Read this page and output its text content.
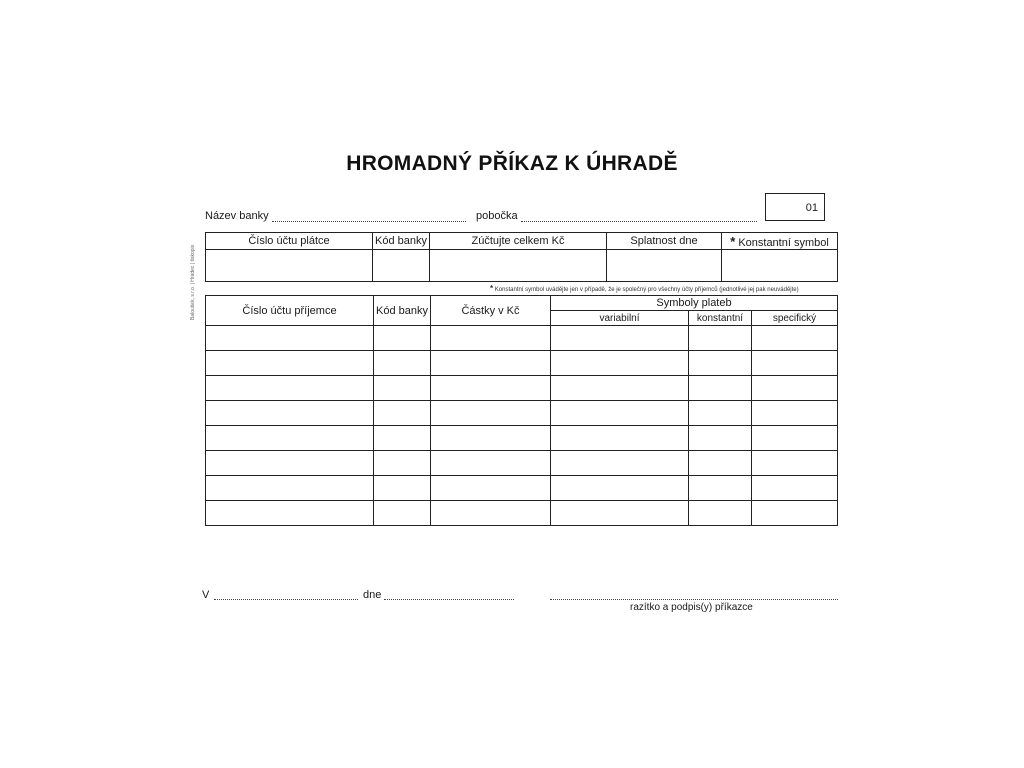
HROMADNÝ PŘÍKAZ K ÚHRADĚ
Název banky	pobočka
01
Číslo účtu plátce	Kód banky	Zúčtujte celkem Kč	Splatnost dne	* Konstantní symbol

* Konstantní symbol uvádějte jen v případě, že je společný pro všechny účty příjemců (jednotlivé jej pak neuvádějte)
Baloušek, s.r.o. | Hradec | tiskopis	Číslo účtu příjemce	Kód banky	Částky v Kč	Symboly plateb		
			variabilní	konstantní	specifický

V	dne
razítko a podpis(y) příkazce
